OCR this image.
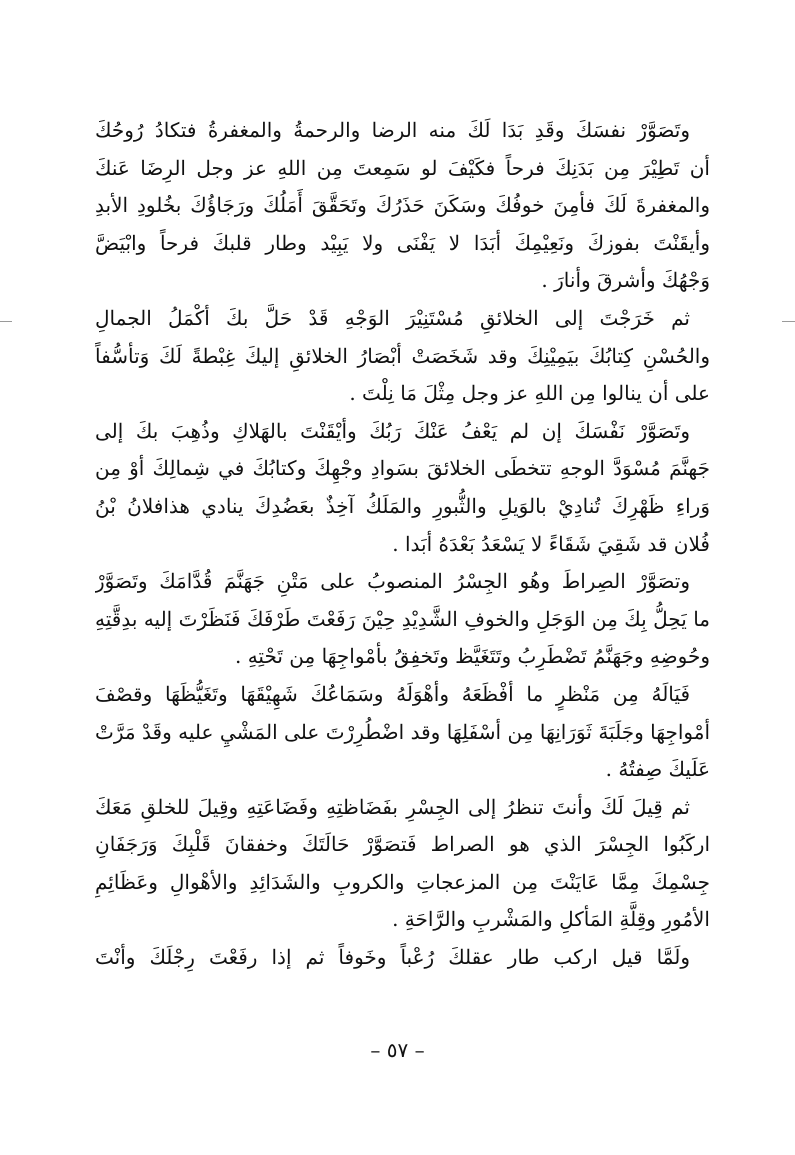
وتَصَوَّرْ نفسَكَ وقَدِ بَدَا لَكَ منه الرضا والرحمةُ والمغفرةُ فتكادُ رُوحُكَ
أن تَطِيْرَ مِن بَدَنِكَ فرحاً فكَيْفَ لو سَمِعتَ مِن اللهِ عز وجل الرِضَا عَنكَ
والمغفرةَ لَكَ فأمِنَ خوفُكَ وسَكَنَ حَذَرُكَ وتَحَقَّقَ أَمَلُكَ ورَجَاؤُكَ بخُلودِ الأبدِ
وأيقَنْتَ بفوزكَ ونَعِيْمِكَ أبَدَا لا يَفْنَى ولا يَبِيْد وطار قلبكَ فرحاً وابْيَضَّ
وَجْهُكَ وأشرقَ وأنارَ .
ثم خَرَجْتَ إلى الخلائقِ مُسْتَنِيْرَ الوَجْهِ قَدْ حَلَّ بكَ أكْمَلُ الجمالِ
والحُسْنِ كِتابُكَ بيَمِيْنِكَ وقد شَخَصَتْ أبْصَارُ الخلائقِ إليكَ غِبْطةً لَكَ وَتأسُّفاً
على أن ينالوا مِن اللهِ عز وجل مِثْلَ مَا نِلْتَ .
وتَصَوَّرْ نَفْسَكَ إن لم يَعْفُ عَنْكَ رَبُكَ وأيْقَنْتَ بالهَلاكِ وذُهِبَ بكَ إلى
جَهنَّمَ مُسْوَدَّ الوجهِ تتخطَى الخلائقَ بسَوادِ وجْهِكَ وكتابُكَ في شِمالِكَ أوْ مِن
وَراءِ ظَهْرِكَ تُنادِيْ بالوَيلِ والثُّبورِ والمَلَكُ آخِذٌ بعَضُدِكَ ينادي هذافلانُ بْنُ
فُلان قد شَقِيَ شَقَاءً لا يَسْعَدُ بَعْدَهُ أبَدا .
وتصَوَّرْ الصِراطَ وهُو الجِسْرُ المنصوبُ على مَتْنِ جَهَنَّمَ قُدَّامَكَ وتَصَوَّرْ
ما يَحِلُّ بِكَ مِن الوَجَلِ والخوفِ الشَّدِيْدِ حِيْنَ رَفَعْتَ طَرْفَكَ فَنَظَرْتَ إليه بدِقَّتِهِ
وحُوضِهِ وجَهَنَّمُ تَضْطَرِبُ وتَتَغَيَّظ وتَخفِقُ بأمْواجِهَا مِن تَحْتِهِ .
فَيَالَهُ مِن مَنْظرٍ ما أفْظَعَهُ وأهْوَلَهُ وسَمَاعُكَ شَهِيْقَهَا وتَغَيُّظَهَا وقصْفَ
أمْواجِهَا وجَلَبَةَ ثَوَرَانِهَا مِن أسْفَلِهَا وقد اضْطُرِرْتَ على المَشْيِ عليه وقَدْ مَرَّتْ
عَلَيكَ صِفتُهُ .
ثم قِيلَ لَكَ وأنتَ تنظرُ إلى الجِسْرِ بفَضَاظتِهِ وفَضَاعَتِهِ وقِيلَ للخلقِ مَعَكَ
اركَبُوا الجِسْرَ الذي هو الصراط فَتصَوَّرْ حَالَتَكَ وخفقانَ قَلْبِكَ وَرَجَفَانِ
جِسْمِكَ مِمَّا عَايَنْتَ مِن المزعجاتِ والكروبِ والشَدَائِدِ والأهْوالِ وعَظَائِمِ
الأمُورِ وقِلَّةِ المَأكلِ والمَشْربِ والرَّاحَةِ .
ولَمَّا قيل اركب طار عقلكَ رُعْباً وخَوفاً ثم إذا رفَعْتَ رِجْلَكَ وأنْتَ
– ٥٧ –
